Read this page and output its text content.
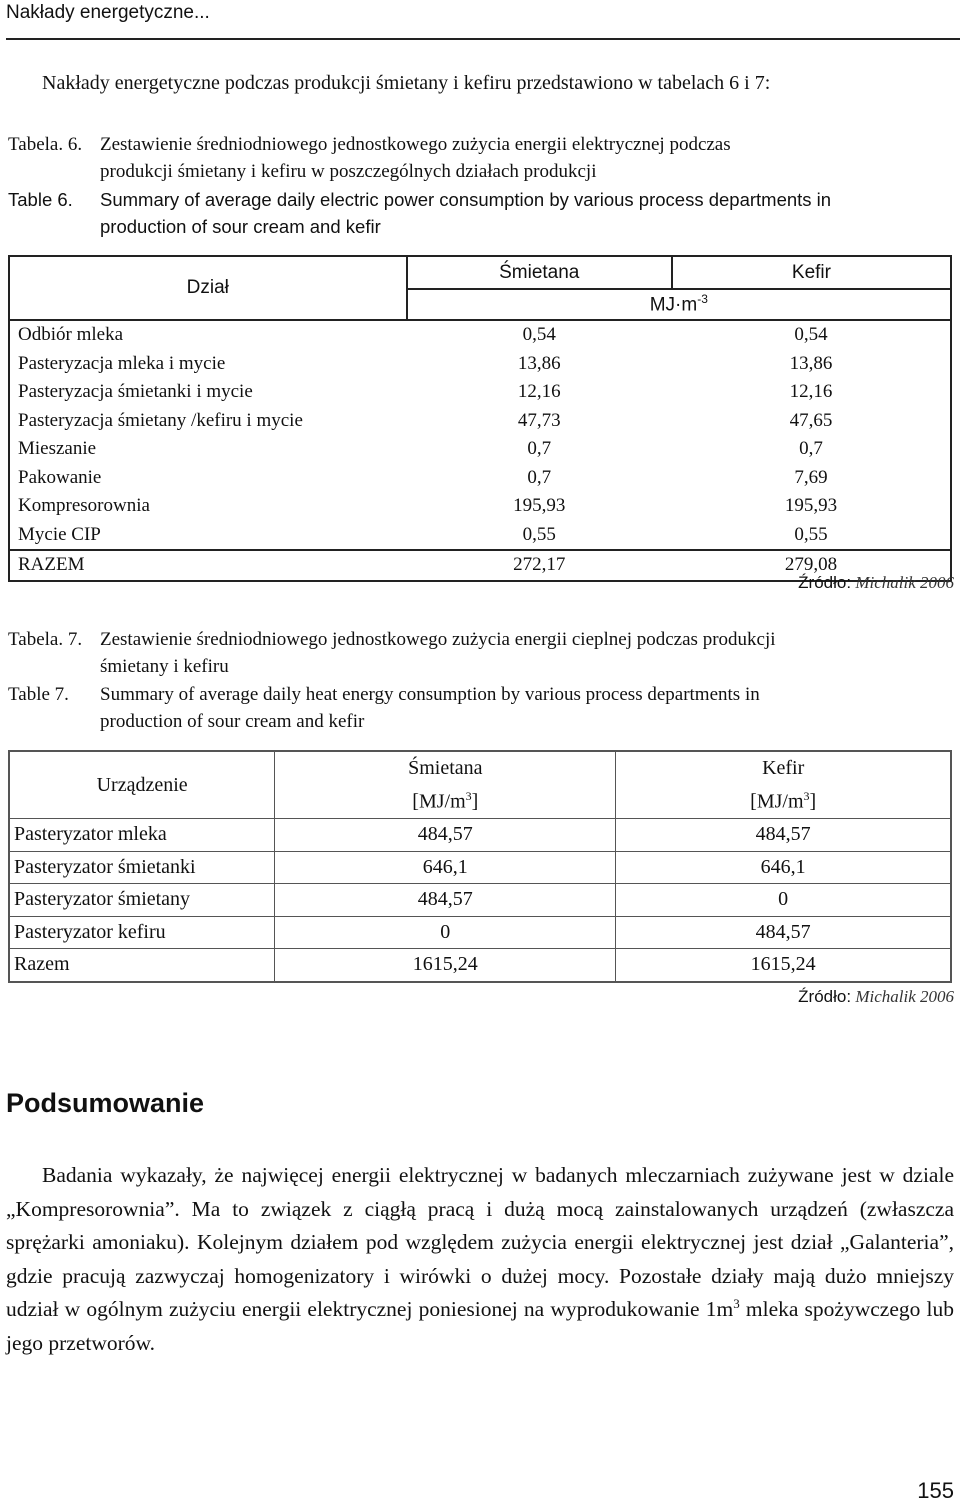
Nakłady energetyczne...
Nakłady energetyczne podczas produkcji śmietany i kefiru przedstawiono w tabelach 6 i 7:
Tabela. 6. Zestawienie średniodniowego jednostkowego zużycia energii elektrycznej podczas
produkcji śmietany i kefiru w poszczególnych działach produkcji
Table 6.	Summary of average daily electric power consumption by various process departments in
production of sour cream and kefir
Dział	Śmietana	Kefir
	$MJ\cdot m^{-3}$
Odbiór mleka	0,54	0,54
Pasteryzacja mleka i mycie	13,86	13,86
Pasteryzacja śmietanki i mycie	12,16	12,16
Pasteryzacja śmietany /kefiru i mycie	47,73	47,65
Mieszanie	0,7	0,7
Pakowanie	0,7	7,69
Kompresorownia	195,93	195,93
Mycie CIP	0,55	0,55
RAZEM	272,17	279,08
Źródło: Michalik 2006
Tabela. 7. Zestawienie średniodniowego jednostkowego zużycia energii cieplnej podczas produkcji
śmietany i kefiru
Table 7.	Summary of average daily heat energy consumption by various process departments in
production of sour cream and kefir
Urządzenie	Śmietana	Kefir
	$[MJ/m^3]$	$[MJ/m^3]$
Pasteryzator mleka	484,57	484,57
Pasteryzator śmietanki	646,1	646,1
Pasteryzator śmietany	484,57	0
Pasteryzator kefiru	0	484,57
Razem	1615,24	1615,24
Źródło: Michalik 2006
Podsumowanie
Badania wykazały, że najwięcej energii elektrycznej w badanych mleczarniach zużywane jest w dziale „Kompresorownia”. Ma to związek z ciągłą pracą i dużą mocą zainstalowanych urządzeń (zwłaszcza sprężarki amoniaku). Kolejnym działem pod względem zużycia energii elektrycznej jest dział „Galanteria”, gdzie pracują zazwyczaj homogenizatory i wirówki o dużej mocy. Pozostałe działy mają dużo mniejszy udział w ogólnym zużyciu energii elektrycznej poniesionej na wyprodukowanie $1m^3$ mleka spożywczego lub jego przetworów.
155
